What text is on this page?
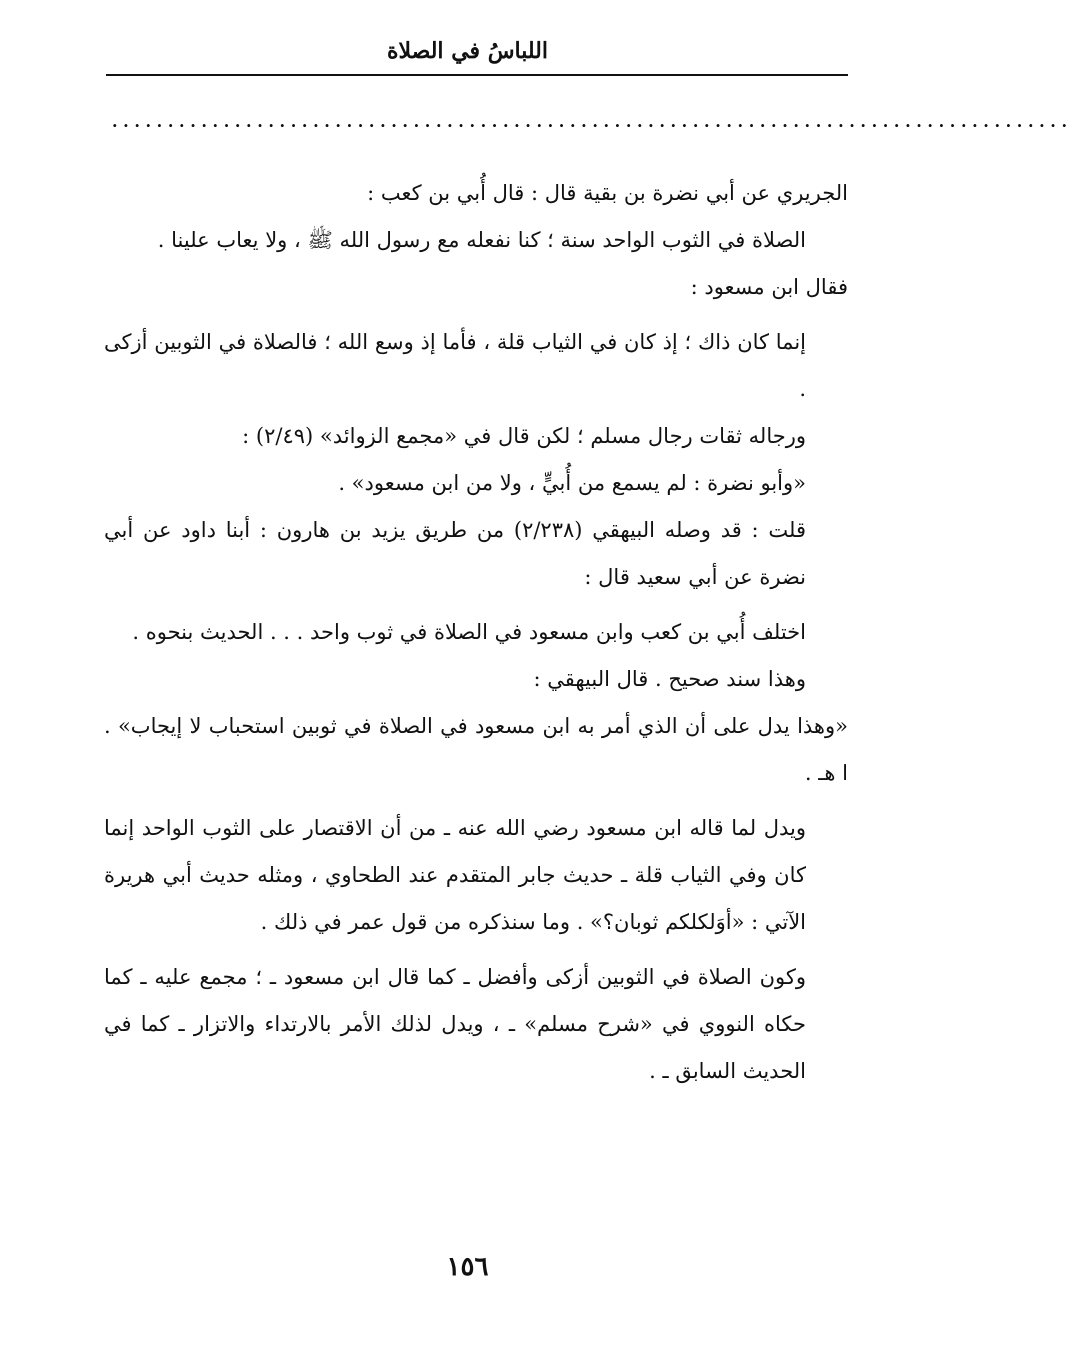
اللباسُ في الصلاة
......................................................................................

الجريري عن أبي نضرة بن بقية قال : قال أُبي بن كعب :

الصلاة في الثوب الواحد سنة ؛ كنا نفعله مع رسول الله ﷺ ، ولا يعاب علينا .

فقال ابن مسعود :

إنما كان ذاك ؛ إذ كان في الثياب قلة ، فأما إذ وسع الله ؛ فالصلاة في الثوبين أزكى .

ورجاله ثقات رجال مسلم ؛ لكن قال في «مجمع الزوائد» (٢/٤٩) :

«وأبو نضرة : لم يسمع من أُبيٍّ ، ولا من ابن مسعود» .

قلت : قد وصله البيهقي (٢/٢٣٨) من طريق يزيد بن هارون : أبنا داود عن أبي نضرة عن أبي سعيد قال :

اختلف أُبي بن كعب وابن مسعود في الصلاة في ثوب واحد . . . الحديث بنحوه .

وهذا سند صحيح . قال البيهقي :

«وهذا يدل على أن الذي أمر به ابن مسعود في الصلاة في ثوبين استحباب لا إيجاب» . ا هـ .

ويدل لما قاله ابن مسعود رضي الله عنه ـ من أن الاقتصار على الثوب الواحد إنما كان وفي الثياب قلة ـ حديث جابر المتقدم عند الطحاوي ، ومثله حديث أبي هريرة الآتي : «أوَلكلكم ثوبان؟» . وما سنذكره من قول عمر في ذلك .

وكون الصلاة في الثوبين أزكى وأفضل ـ كما قال ابن مسعود ـ ؛ مجمع عليه ـ كما حكاه النووي في «شرح مسلم» ـ ، ويدل لذلك الأمر بالارتداء والاتزار ـ كما في الحديث السابق ـ .

١٥٦
